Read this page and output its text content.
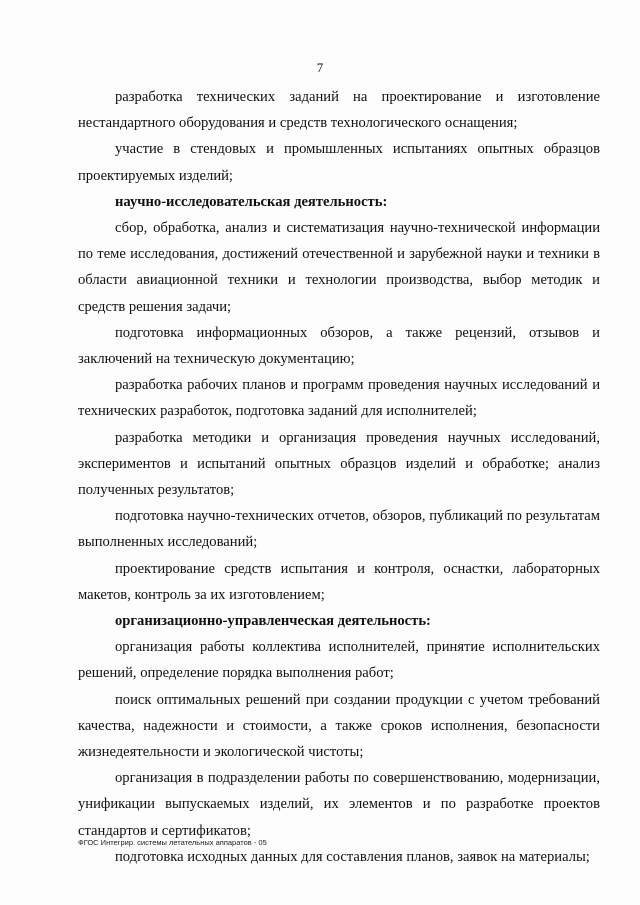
7

разработка технических заданий на проектирование и изготовление нестандартного оборудования и средств технологического оснащения;

участие в стендовых и промышленных испытаниях опытных образцов проектируемых изделий;

научно-исследовательская деятельность:

сбор, обработка, анализ и систематизация научно-технической информации по теме исследования, достижений отечественной и зарубежной науки и техники в области авиационной техники и технологии производства, выбор методик и средств решения задачи;

подготовка информационных обзоров, а также рецензий, отзывов и заключений на техническую документацию;

разработка рабочих планов и программ проведения научных исследований и технических разработок, подготовка заданий для исполнителей;

разработка методики и организация проведения научных исследований, экспериментов и испытаний опытных образцов изделий и обработке; анализ полученных результатов;

подготовка научно-технических отчетов, обзоров, публикаций по результатам выполненных исследований;

проектирование средств испытания и контроля, оснастки, лабораторных макетов, контроль за их изготовлением;

организационно-управленческая деятельность:

организация работы коллектива исполнителей, принятие исполнительских решений, определение порядка выполнения работ;

поиск оптимальных решений при создании продукции с учетом требований качества, надежности и стоимости, а также сроков исполнения, безопасности жизнедеятельности и экологической чистоты;

организация в подразделении работы по совершенствованию, модернизации, унификации выпускаемых изделий, их элементов и по разработке проектов стандартов и сертификатов;

подготовка исходных данных для составления планов, заявок на материалы;

ФГОС Интегрир. системы летательных аппаратов - 05
